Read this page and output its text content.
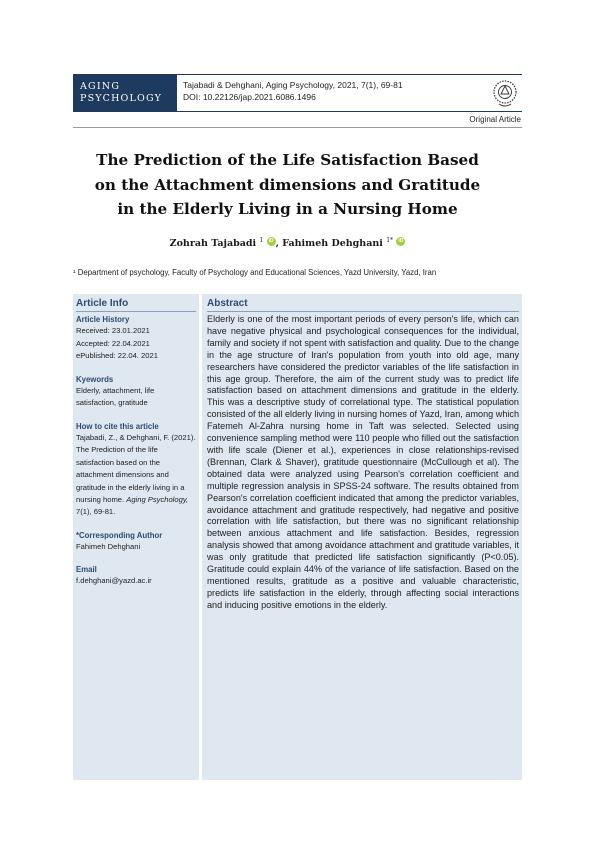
AGING
PSYCHOLOGY
Tajabadi & Dehghani, Aging Psychology, 2021, 7(1), 69-81
DOI: 10.22126/jap.2021.6086.1496
Original Article
The Prediction of the Life Satisfaction Based
on the Attachment dimensions and Gratitude
in the Elderly Living in a Nursing Home
Zohrah Tajabadi $^1$ iD , Fahimeh Dehghani $^{1*}$ iD
¹ Department of psychology, Faculty of Psychology and Educational Sciences, Yazd University, Yazd, Iran
Article Info
Article History
Received: 23.01.2021
Accepted: 22.04.2021
ePublished: 22.04. 2021
Kyewords
Elderly, attachment, life satisfaction, gratitude
How to cite this article
Tajabadi, Z., & Dehghani, F. (2021). The Prediction of the life satisfaction based on the attachment dimensions and gratitude in the elderly living in a nursing home. Aging Psychology, 7(1), 69-81.
*Corresponding Author
Fahimeh Dehghani
Email
f.dehghani@yazd.ac.ir
Abstract
Elderly is one of the most important periods of every person's life, which can have negative physical and psychological consequences for the individual, family and society if not spent with satisfaction and quality. Due to the change in the age structure of Iran's population from youth into old age, many researchers have considered the predictor variables of the life satisfaction in this age group. Therefore, the aim of the current study was to predict life satisfaction based on attachment dimensions and gratitude in the elderly. This was a descriptive study of correlational type. The statistical population consisted of the all elderly living in nursing homes of Yazd, Iran, among which Fatemeh Al-Zahra nursing home in Taft was selected. Selected using convenience sampling method were 110 people who filled out the satisfaction with life scale (Diener et al.), experiences in close relationships-revised (Brennan, Clark & Shaver), gratitude questionnaire (McCullough et al). The obtained data were analyzed using Pearson's correlation coefficient and multiple regression analysis in SPSS-24 software. The results obtained from Pearson's correlation coefficient indicated that among the predictor variables, avoidance attachment and gratitude respectively, had negative and positive correlation with life satisfaction, but there was no significant relationship between anxious attachment and life satisfaction. Besides, regression analysis showed that among avoidance attachment and gratitude variables, it was only gratitude that predicted life satisfaction significantly (P<0.05). Gratitude could explain 44% of the variance of life satisfaction. Based on the mentioned results, gratitude as a positive and valuable characteristic, predicts life satisfaction in the elderly, through affecting social interactions and inducing positive emotions in the elderly.
